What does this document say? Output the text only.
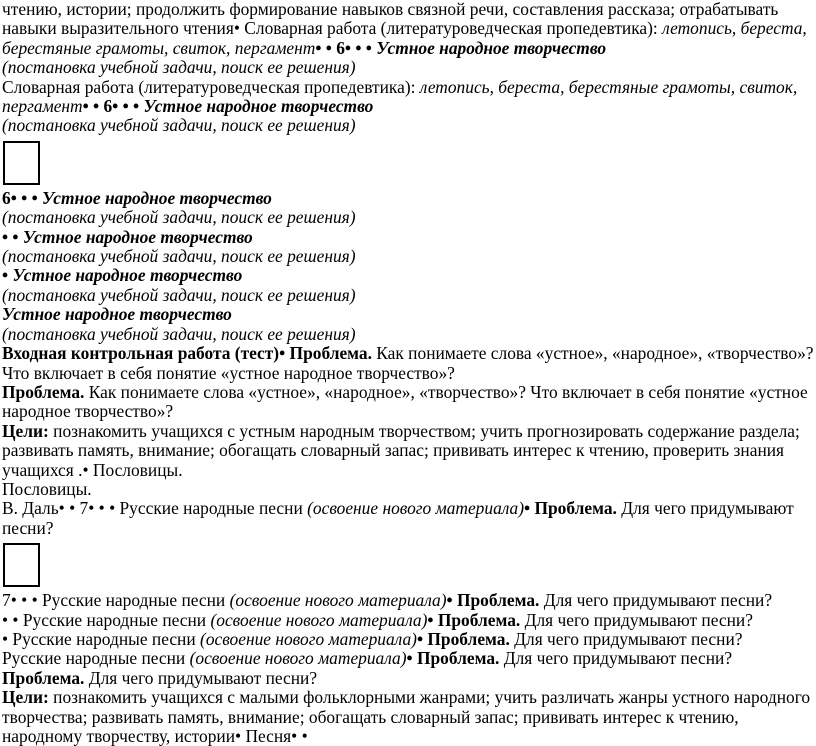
чтению, истории; продолжить формирование навыков связной речи, составления рассказа; отрабатывать навыки выразительного чтения• Словарная работа (литературоведческая пропедевтика): летопись, береста, берестяные грамоты, свиток, пергамент• • 6• • • Устное народное творчество
(постановка учебной задачи, поиск ее решения)

Словарная работа (литературоведческая пропедевтика): летопись, береста, берестяные грамоты, свиток, пергамент• • 6• • • Устное народное творчество
(постановка учебной задачи, поиск ее решения)

6• • • Устное народное творчество
(постановка учебной задачи, поиск ее решения)

• • Устное народное творчество
(постановка учебной задачи, поиск ее решения)

• Устное народное творчество
(постановка учебной задачи, поиск ее решения)

Устное народное творчество
(постановка учебной задачи, поиск ее решения)

Входная контрольная работа (тест)• Проблема. Как понимаете слова «устное», «народное», «творчество»? Что включает в себя понятие «устное народное творчество»?

Проблема. Как понимаете слова «устное», «народное», «творчество»? Что включает в себя понятие «устное народное творчество»?

Цели: познакомить учащихся с устным народным творчеством; учить прогнозировать содержание раздела; развивать память, внимание; обогащать словарный запас; прививать интерес к чтению, проверить знания учащихся .• Пословицы.

Пословицы.

В. Даль• • 7• • • Русские народные песни (освоение нового материала)• Проблема. Для чего придумывают песни?

7• • • Русские народные песни (освоение нового материала)• Проблема. Для чего придумывают песни?

• • Русские народные песни (освоение нового материала)• Проблема. Для чего придумывают песни?

• Русские народные песни (освоение нового материала)• Проблема. Для чего придумывают песни?

Русские народные песни (освоение нового материала)• Проблема. Для чего придумывают песни?

Проблема. Для чего придумывают песни?

Цели: познакомить учащихся с малыми фольклорными жанрами; учить различать жанры устного народного творчества; развивать память, внимание; обогащать словарный запас; прививать интерес к чтению, народному творчеству, истории• Песня• •
